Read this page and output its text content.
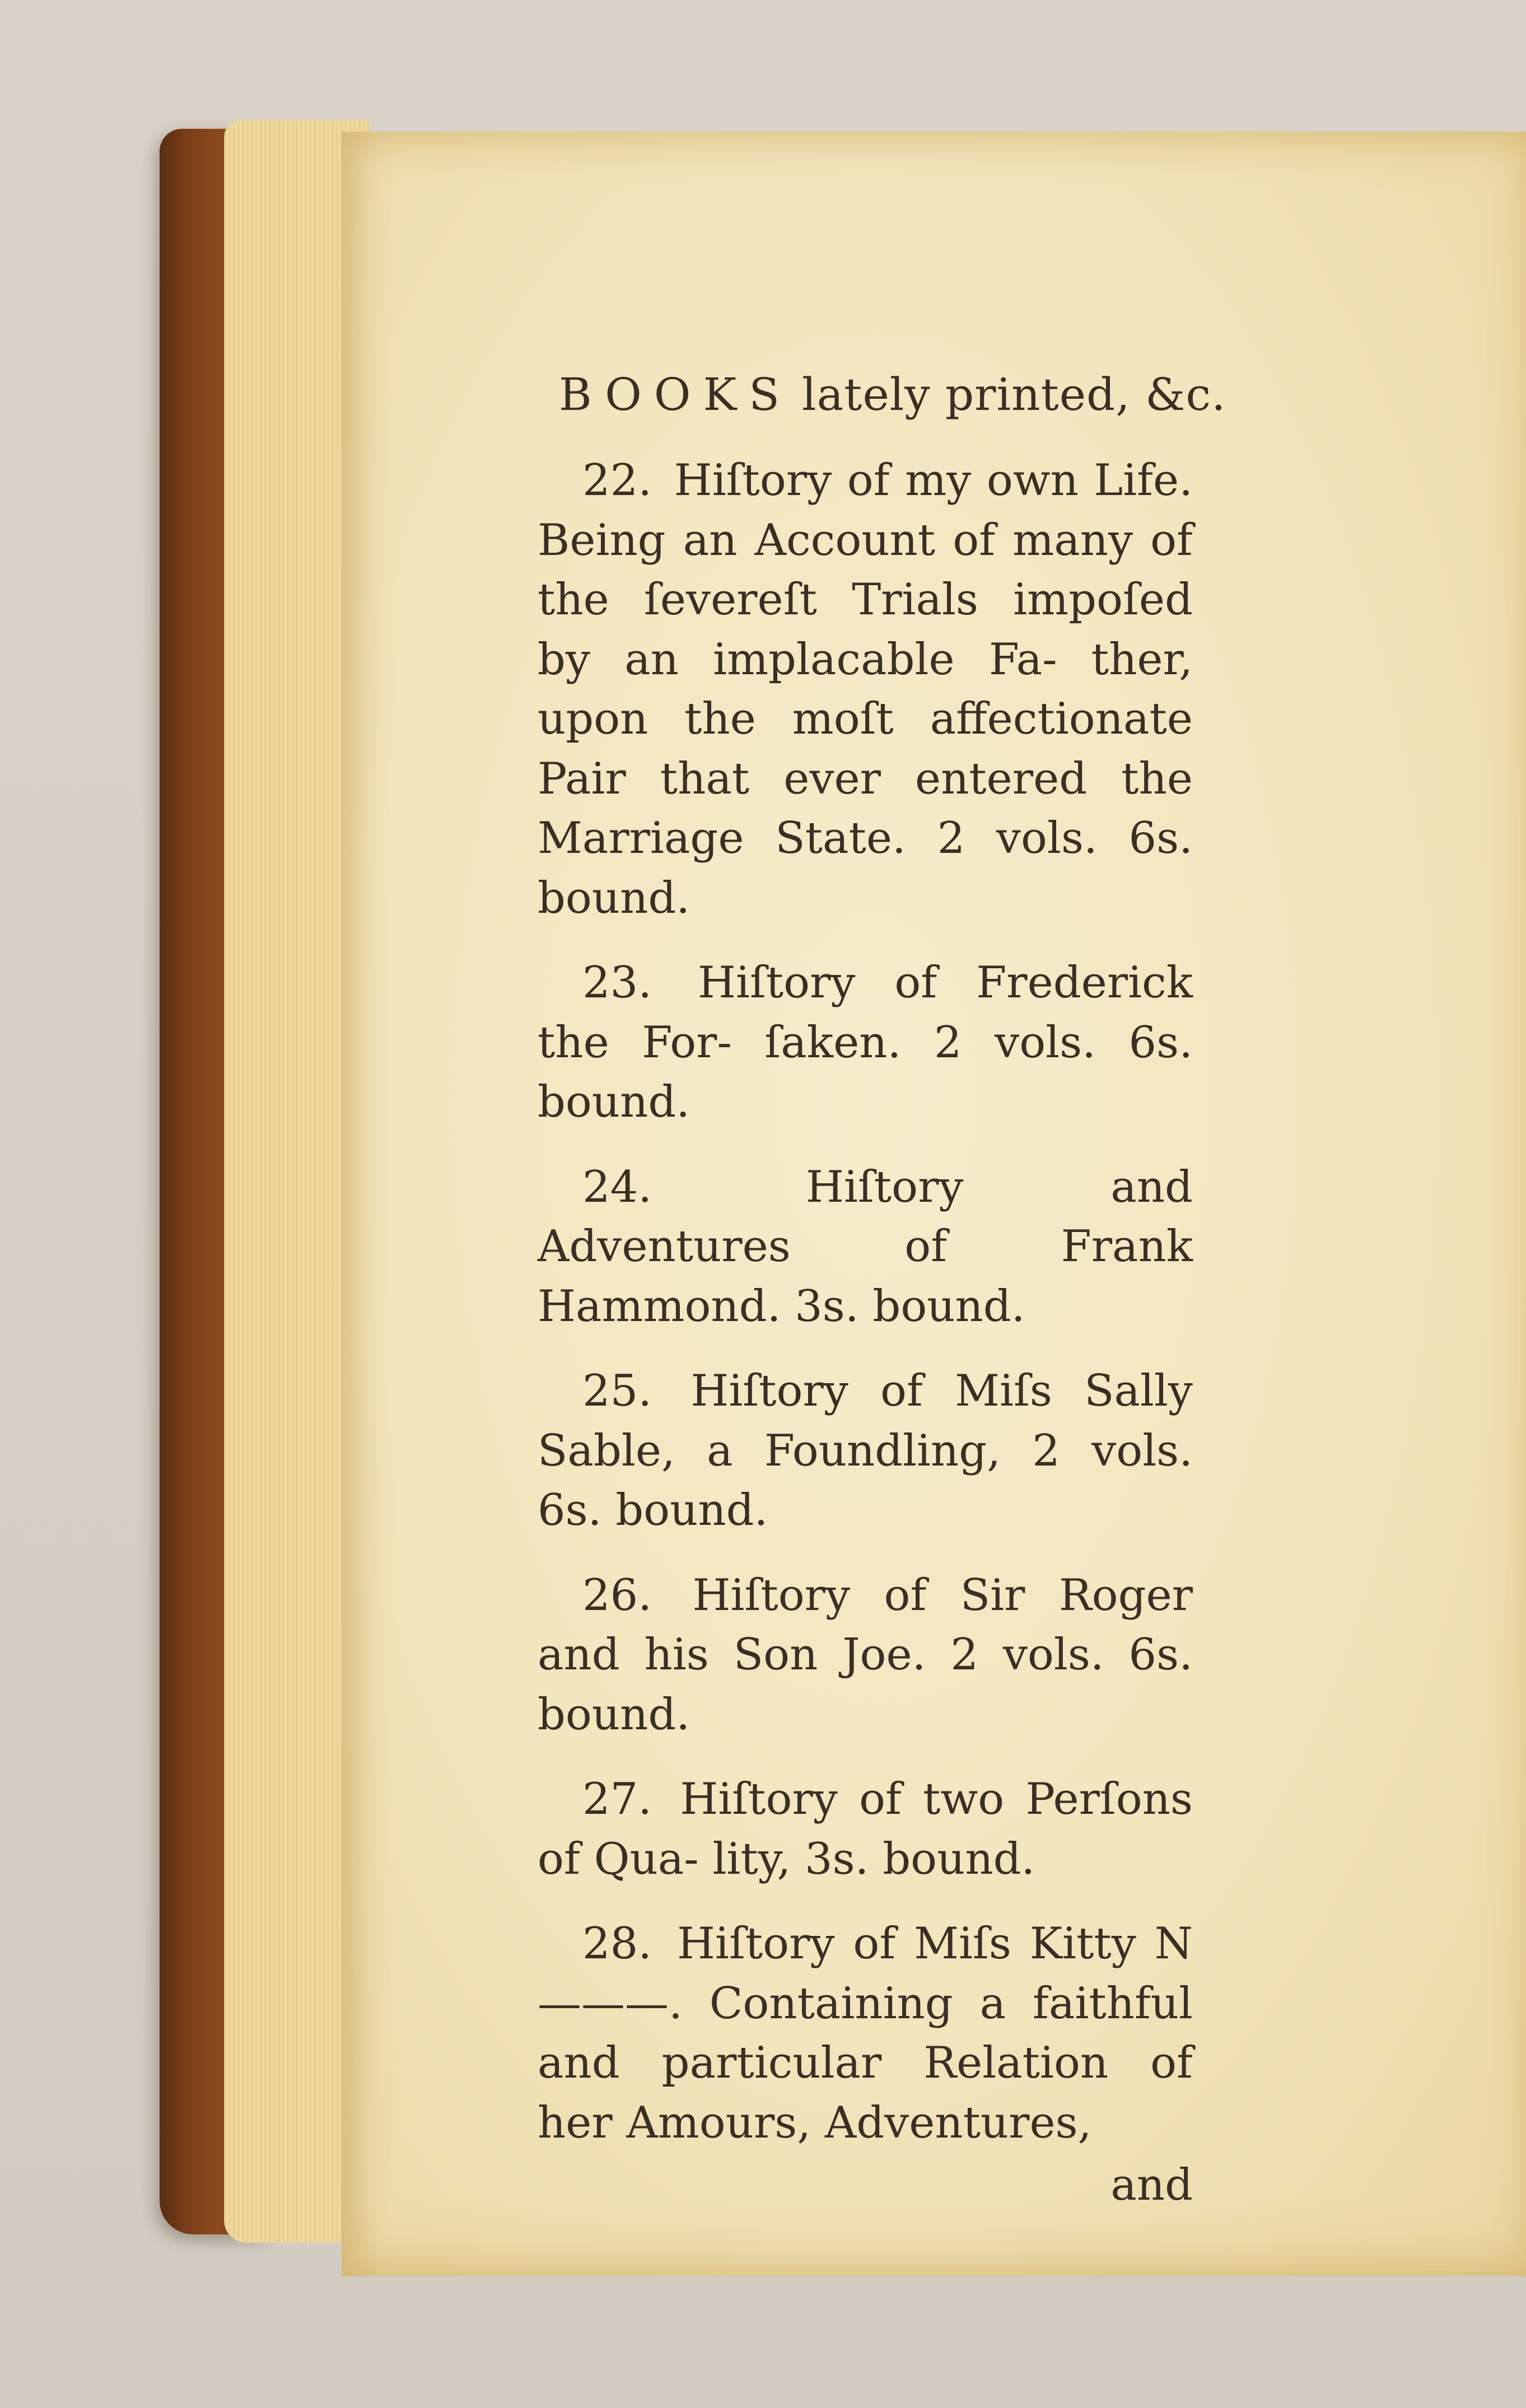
BOOKS lately printed, &c.

22. Hiſtory of my own Life. Being an Account of many of the ſevereſt Trials impoſed by an implacable Fa- ther, upon the moſt affectionate Pair that ever entered the Marriage State. 2 vols. 6s. bound.

23. Hiſtory of Frederick the For- ſaken. 2 vols. 6s. bound.

24.	Hiſtory and Adventures of Frank Hammond. 3s. bound.

25. Hiſtory of Miſs Sally Sable, a Foundling, 2 vols. 6s. bound.

26. Hiſtory of Sir Roger and his Son Joe. 2 vols. 6s. bound.

27. Hiſtory of two Perſons of Qua- lity, 3s. bound.

28. Hiſtory of Miſs Kitty N———. Containing a faithful and particular Relation of her Amours, Adventures,

and
